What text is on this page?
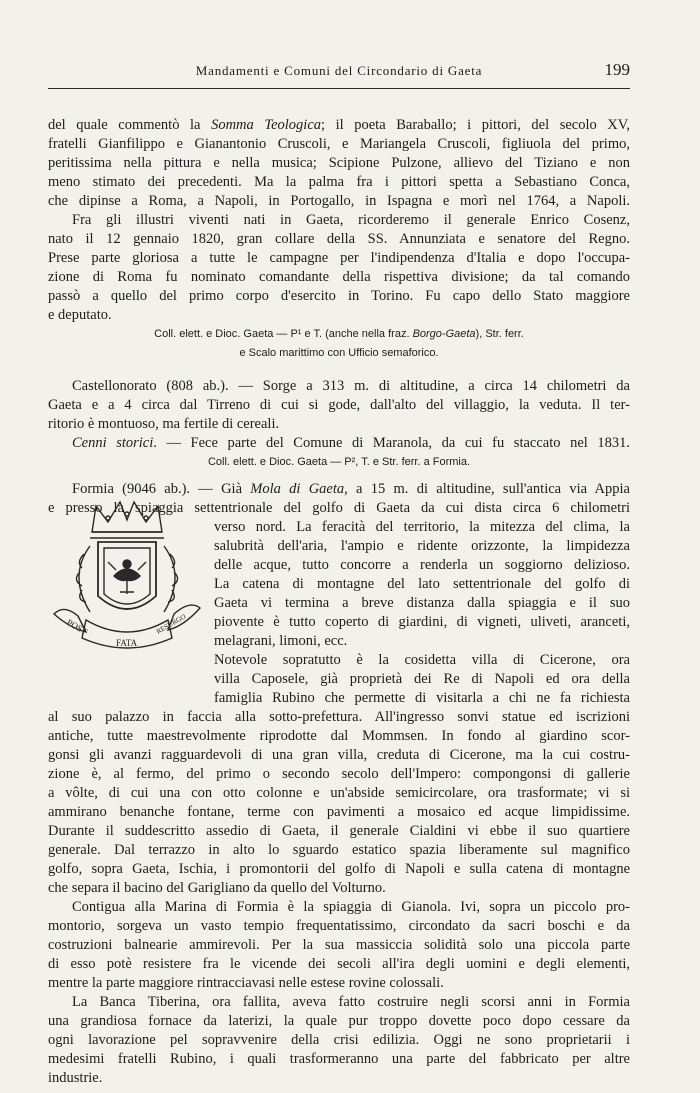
Mandamenti e Comuni del Circondario di Gaeta	199
del quale commentò la Somma Teologica; il poeta Baraballo; i pittori, del secolo XV,
fratelli Gianfilippo e Gianantonio Cruscoli, e Mariangela Cruscoli, figliuola del primo,
peritissima nella pittura e nella musica; Scipione Pulzone, allievo del Tiziano e non
meno stimato dei precedenti. Ma la palma fra i pittori spetta a Sebastiano Conca,
che dipinse a Roma, a Napoli, in Portogallo, in Ispagna e morì nel 1764, a Napoli.
Fra gli illustri viventi nati in Gaeta, ricorderemo il generale Enrico Cosenz,
nato il 12 gennaio 1820, gran collare della SS. Annunziata e senatore del Regno.
Prese parte gloriosa a tutte le campagne per l'indipendenza d'Italia e dopo l'occupa-
zione di Roma fu nominato comandante della rispettiva divisione; da tal comando
passò a quello del primo corpo d'esercito in Torino. Fu capo dello Stato maggiore
e deputato.
Coll. elett. e Dioc. Gaeta — P¹ e T. (anche nella fraz. Borgo-Gaeta), Str. ferr.
e Scalo marittimo con Ufficio semaforico.
Castellonorato (808 ab.). — Sorge a 313 m. di altitudine, a circa 14 chilometri da
Gaeta e a 4 circa dal Tirreno di cui si gode, dall'alto del villaggio, la veduta. Il ter-
ritorio è montuoso, ma fertile di cereali.
Cenni storici. — Fece parte del Comune di Maranola, da cui fu staccato nel 1831.
Coll. elett. e Dioc. Gaeta — P², T. e Str. ferr. a Formia.
Formia (9046 ab.). — Già Mola di Gaeta, a 15 m. di altitudine, sull'antica via Appia
e presso la spiaggia settentrionale del golfo di Gaeta da cui dista circa 6 chilometri
verso nord. La feracità del territorio, la mitezza del clima, la
salubrità dell'aria, l'ampio e ridente orizzonte, la limpidezza
delle acque, tutto concorre a renderla un soggiorno delizioso.
La catena di montagne del lato settentrionale del golfo di
Gaeta vi termina a breve distanza dalla spiaggia e il suo
piovente è tutto coperto di giardini, di vigneti, uliveti, aranceti,
melagrani, limoni, ecc.
Notevole sopratutto è la cosidetta villa di Cicerone, ora
villa Caposele, già proprietà dei Re di Napoli ed ora della
famiglia Rubino che permette di visitarla a chi ne fa richiesta
al suo palazzo in faccia alla sotto-prefettura. All'ingresso sonvi statue ed iscrizioni
antiche, tutte maestrevolmente riprodotte dal Mommsen. In fondo al giardino scor-
gonsi gli avanzi ragguardevoli di una gran villa, creduta di Cicerone, ma la cui costru-
zione è, al fermo, del primo o secondo secolo dell'Impero: compongonsi di gallerie
a vôlte, di cui una con otto colonne e un'abside semicircolare, ora trasformate; vi si
ammirano benanche fontane, terme con pavimenti a mosaico ed acque limpidissime.
Durante il suddescritto assedio di Gaeta, il generale Cialdini vi ebbe il suo quartiere
generale. Dal terrazzo in alto lo sguardo estatico spazia liberamente sul magnifico
golfo, sopra Gaeta, Ischia, i promontorii del golfo di Napoli e sulla catena di montagne
che separa il bacino del Garigliano da quello del Volturno.
Contigua alla Marina di Formia è la spiaggia di Gianola. Ivi, sopra un piccolo pro-
montorio, sorgeva un vasto tempio frequentatissimo, circondato da sacri boschi e da
costruzioni balnearie ammirevoli. Per la sua massiccia solidità solo una piccola parte
di esso potè resistere fra le vicende dei secoli all'ira degli uomini e degli elementi,
mentre la parte maggiore rintracciavasi nelle estese rovine colossali.
La Banca Tiberina, ora fallita, aveva fatto costruire negli scorsi anni in Formia
una grandiosa fornace da laterizi, la quale pur troppo dovette poco dopo cessare da
ogni lavorazione pel sopravvenire della crisi edilizia. Oggi ne sono proprietarii i
medesimi fratelli Rubino, i quali trasformeranno una parte del fabbricato per altre
industrie.
POST
FATA
RESURGO
